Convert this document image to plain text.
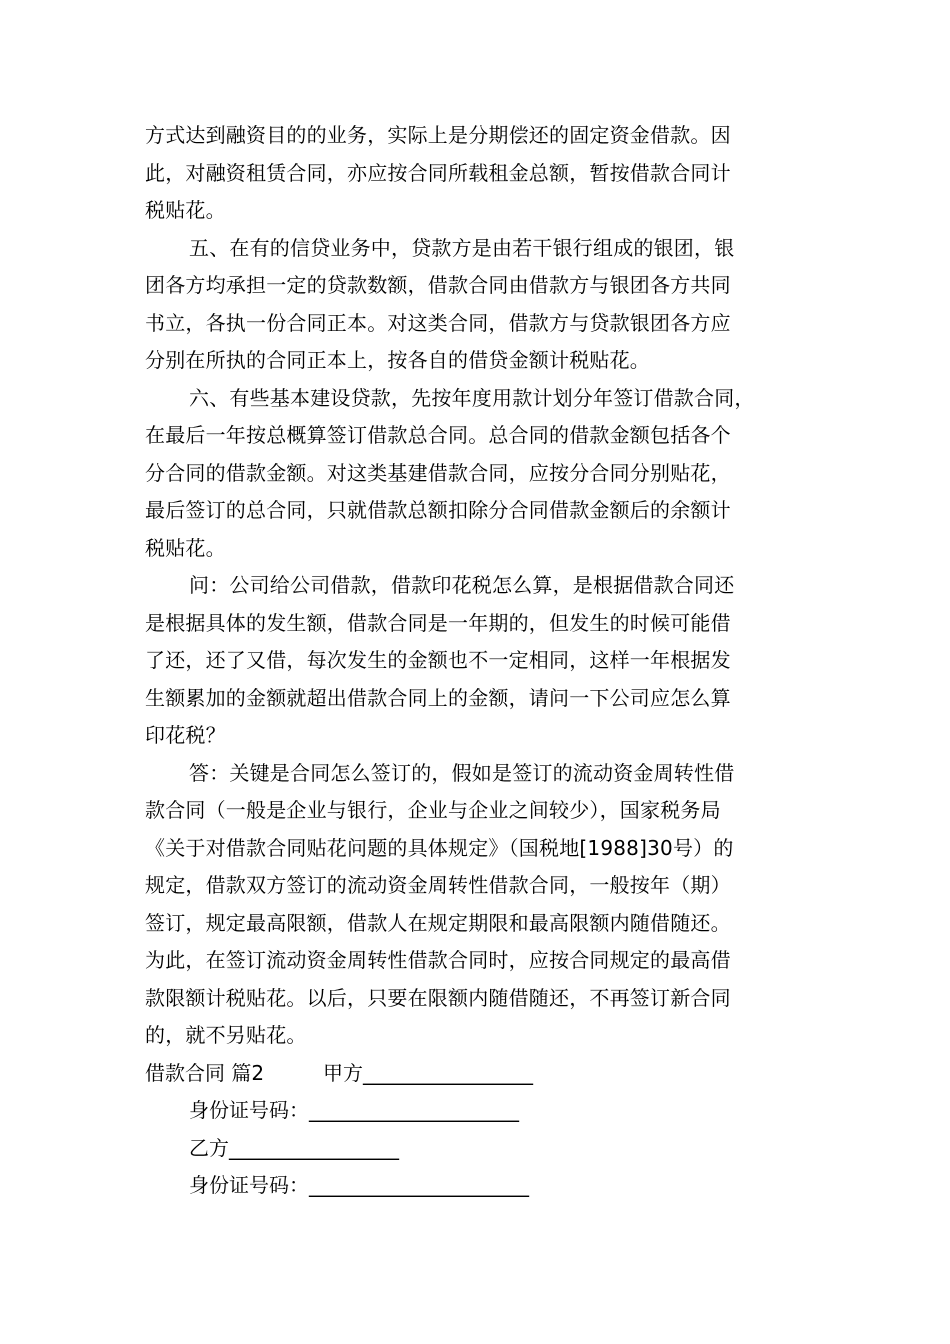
方式达到融资目的的业务，实际上是分期偿还的固定资金借款。因
此，对融资租赁合同，亦应按合同所载租金总额，暂按借款合同计
税贴花。
五、在有的信贷业务中，贷款方是由若干银行组成的银团，银
团各方均承担一定的贷款数额，借款合同由借款方与银团各方共同
书立，各执一份合同正本。对这类合同，借款方与贷款银团各方应
分别在所执的合同正本上，按各自的借贷金额计税贴花。
六、有些基本建设贷款，先按年度用款计划分年签订借款合同，
在最后一年按总概算签订借款总合同。总合同的借款金额包括各个
分合同的借款金额。对这类基建借款合同，应按分合同分别贴花，
最后签订的总合同，只就借款总额扣除分合同借款金额后的余额计
税贴花。
问：公司给公司借款，借款印花税怎么算，是根据借款合同还
是根据具体的发生额，借款合同是一年期的，但发生的时候可能借
了还，还了又借，每次发生的金额也不一定相同，这样一年根据发
生额累加的金额就超出借款合同上的金额，请问一下公司应怎么算
印花税？
答：关键是合同怎么签订的，假如是签订的流动资金周转性借
款合同（一般是企业与银行，企业与企业之间较少），国家税务局
《关于对借款合同贴花问题的具体规定》（国税地[1988]30号）的
规定，借款双方签订的流动资金周转性借款合同，一般按年（期）
签订，规定最高限额，借款人在规定期限和最高限额内随借随还。
为此，在签订流动资金周转性借款合同时，应按合同规定的最高借
款限额计税贴花。以后，只要在限额内随借随还，不再签订新合同
的，就不另贴花。
借款合同 篇2	甲方_________________
身份证号码：_____________________
乙方_________________
身份证号码：______________________
